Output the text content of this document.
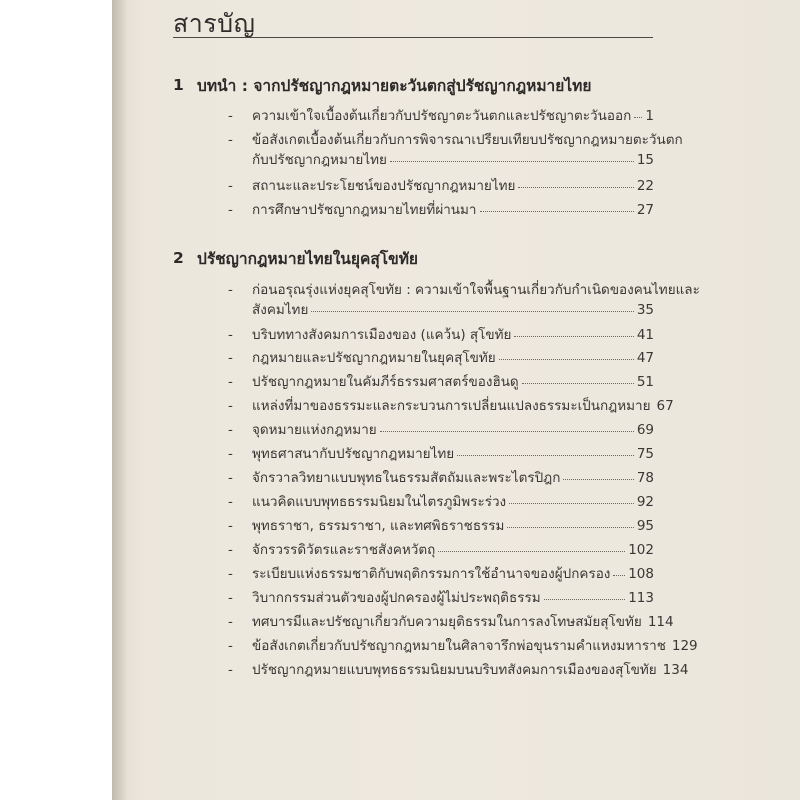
สารบัญ
1 บทนำ : จากปรัชญากฎหมายตะวันตกสู่ปรัชญากฎหมายไทย
- ความเข้าใจเบื้องต้นเกี่ยวกับปรัชญาตะวันตกและปรัชญาตะวันออก 1
- ข้อสังเกตเบื้องต้นเกี่ยวกับการพิจารณาเปรียบเทียบปรัชญากฎหมายตะวันตก
กับปรัชญากฎหมายไทย	15
- สถานะและประโยชน์ของปรัชญากฎหมายไทย	22
- การศึกษาปรัชญากฎหมายไทยที่ผ่านมา	27
2 ปรัชญากฎหมายไทยในยุคสุโขทัย
- ก่อนอรุณรุ่งแห่งยุคสุโขทัย : ความเข้าใจพื้นฐานเกี่ยวกับกำเนิดของคนไทยและ
สังคมไทย	35
- บริบททางสังคมการเมืองของ (แคว้น) สุโขทัย	41
- กฎหมายและปรัชญากฎหมายในยุคสุโขทัย	47
- ปรัชญากฎหมายในคัมภีร์ธรรมศาสตร์ของฮินดู	51
- แหล่งที่มาของธรรมะและกระบวนการเปลี่ยนแปลงธรรมะเป็นกฎหมาย 67
- จุดหมายแห่งกฎหมาย	69
- พุทธศาสนากับปรัชญากฎหมายไทย	75
- จักรวาลวิทยาแบบพุทธในธรรมสัตถัมและพระไตรปิฎก	78
- แนวคิดแบบพุทธธรรมนิยมในไตรภูมิพระร่วง	92
- พุทธราชา, ธรรมราชา, และทศพิธราชธรรม	95
- จักรวรรดิวัตรและราชสังคหวัตถุ	102
- ระเบียบแห่งธรรมชาติกับพฤติกรรมการใช้อำนาจของผู้ปกครอง 108
- วิบากกรรมส่วนตัวของผู้ปกครองผู้ไม่ประพฤติธรรม	113
- ทศบารมีและปรัชญาเกี่ยวกับความยุติธรรมในการลงโทษสมัยสุโขทัย 114
- ข้อสังเกตเกี่ยวกับปรัชญากฎหมายในศิลาจารึกพ่อขุนรามคำแหงมหาราช 129
- ปรัชญากฎหมายแบบพุทธธรรมนิยมบนบริบทสังคมการเมืองของสุโขทัย 134
